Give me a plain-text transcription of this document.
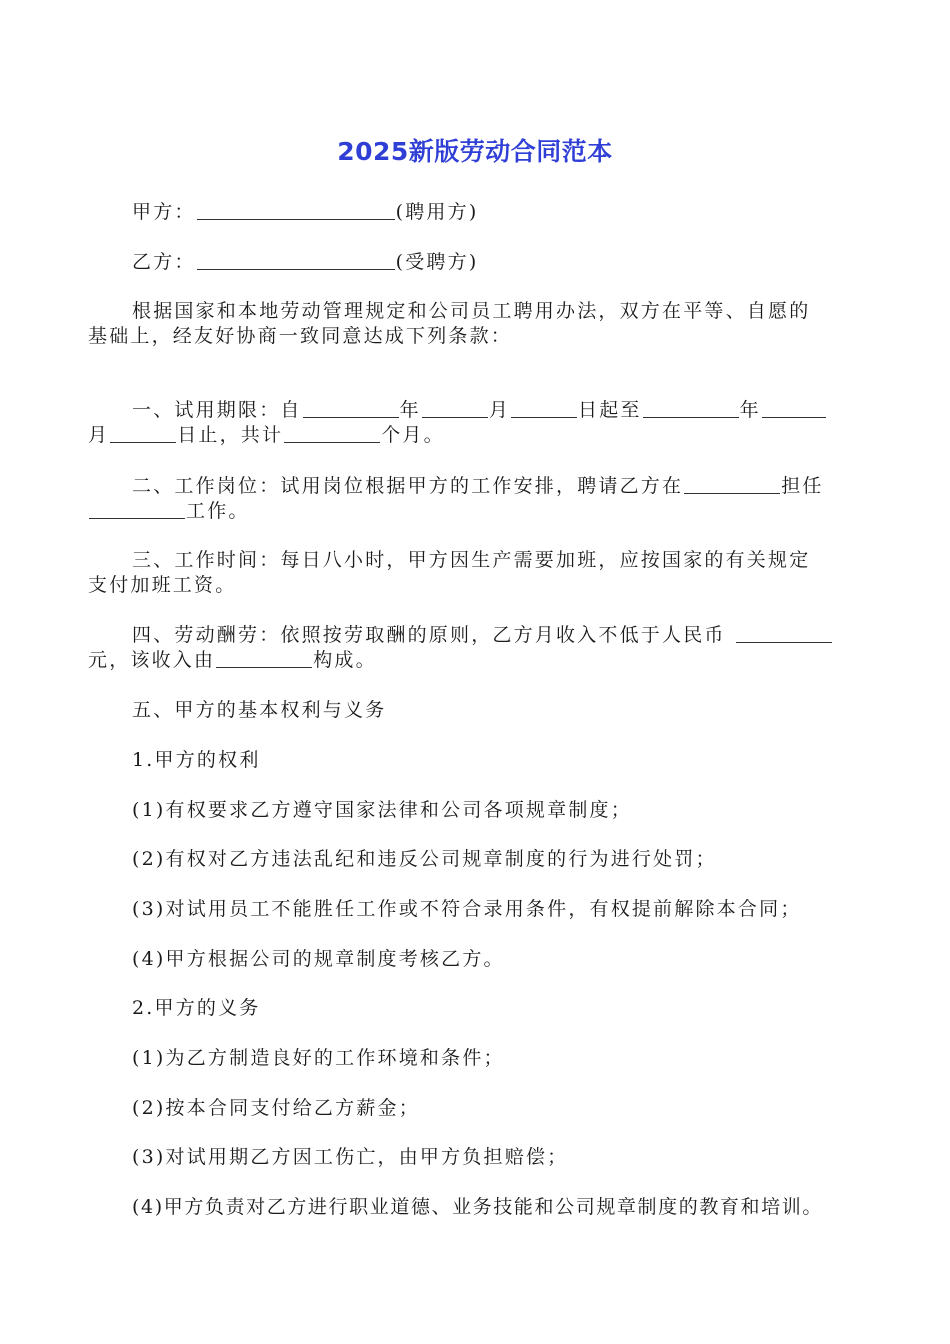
2025新版劳动合同范本
甲方：	(聘用方)
乙方：	(受聘方)
根据国家和本地劳动管理规定和公司员工聘用办法，双方在平等、自愿的
基础上，经友好协商一致同意达成下列条款：
一、试用期限：自	年	月	日起至	年
月	日止，共计	个月。
二、工作岗位：试用岗位根据甲方的工作安排，聘请乙方在	担任
工作。
三、工作时间：每日八小时，甲方因生产需要加班，应按国家的有关规定
支付加班工资。
四、劳动酬劳：依照按劳取酬的原则，乙方月收入不低于人民币
元，该收入由	构成。
五、甲方的基本权利与义务
1.甲方的权利
(1)有权要求乙方遵守国家法律和公司各项规章制度；
(2)有权对乙方违法乱纪和违反公司规章制度的行为进行处罚；
(3)对试用员工不能胜任工作或不符合录用条件，有权提前解除本合同；
(4)甲方根据公司的规章制度考核乙方。
2.甲方的义务
(1)为乙方制造良好的工作环境和条件；
(2)按本合同支付给乙方薪金；
(3)对试用期乙方因工伤亡，由甲方负担赔偿；
(4)甲方负责对乙方进行职业道德、业务技能和公司规章制度的教育和培训。
